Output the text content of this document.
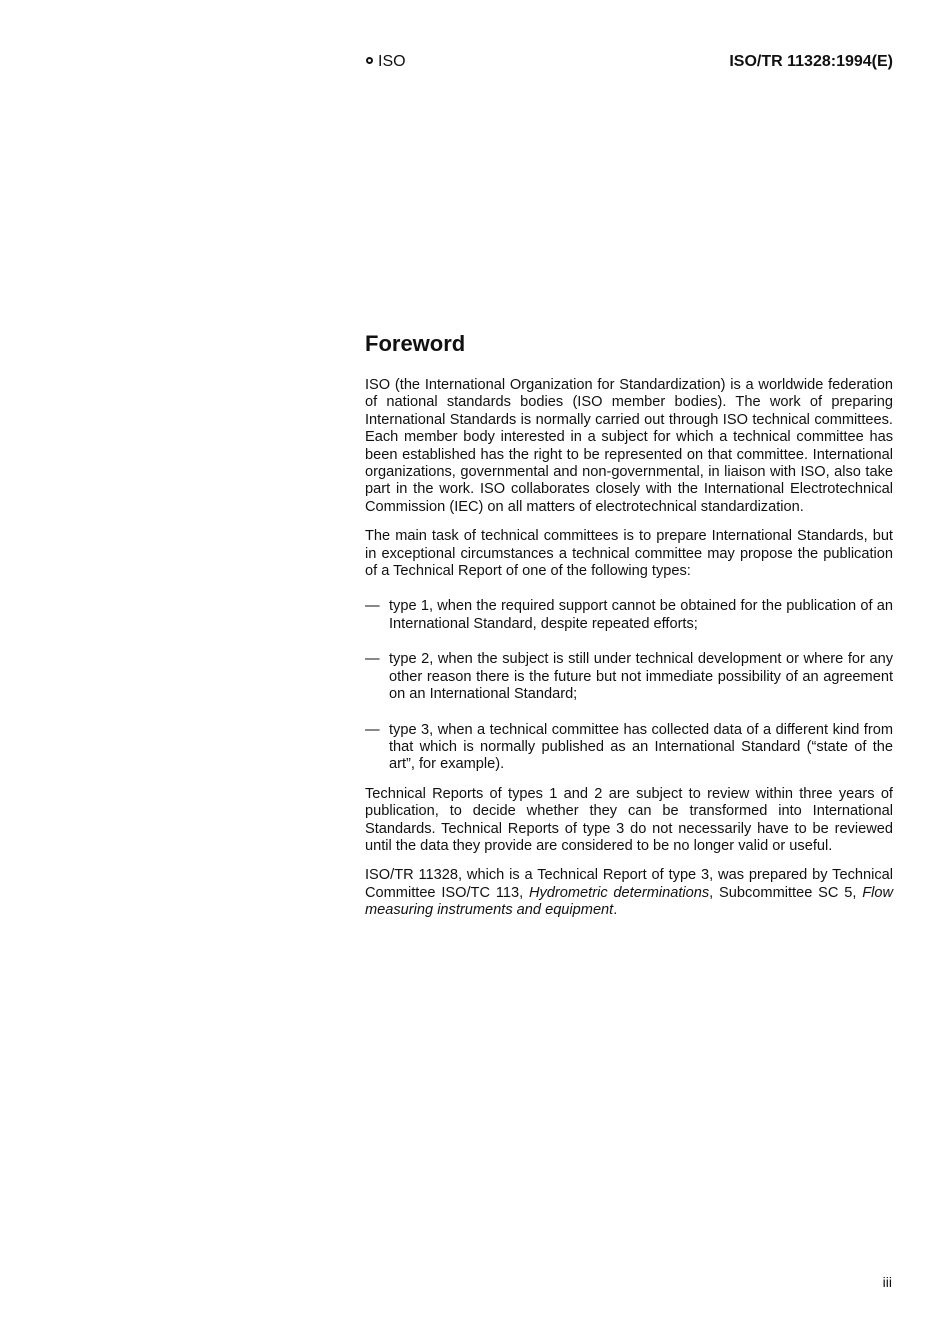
ISO	ISO/TR 11328:1994(E)
Foreword

ISO (the International Organization for Standardization) is a worldwide federation of national standards bodies (ISO member bodies). The work of preparing International Standards is normally carried out through ISO technical committees. Each member body interested in a subject for which a technical committee has been established has the right to be represented on that committee. International organizations, governmental and non-governmental, in liaison with ISO, also take part in the work. ISO collaborates closely with the International Electrotechnical Commission (IEC) on all matters of electrotechnical standardization.

The main task of technical committees is to prepare International Standards, but in exceptional circumstances a technical committee may propose the publication of a Technical Report of one of the following types:

— type 1, when the required support cannot be obtained for the publication of an International Standard, despite repeated efforts;
— type 2, when the subject is still under technical development or where for any other reason there is the future but not immediate possibility of an agreement on an International Standard;
— type 3, when a technical committee has collected data of a different kind from that which is normally published as an International Standard (“state of the art”, for example).

Technical Reports of types 1 and 2 are subject to review within three years of publication, to decide whether they can be transformed into International Standards. Technical Reports of type 3 do not necessarily have to be reviewed until the data they provide are considered to be no longer valid or useful.

ISO/TR 11328, which is a Technical Report of type 3, was prepared by Technical Committee ISO/TC 113, Hydrometric determinations, Subcommittee SC 5, Flow measuring instruments and equipment.

iii
